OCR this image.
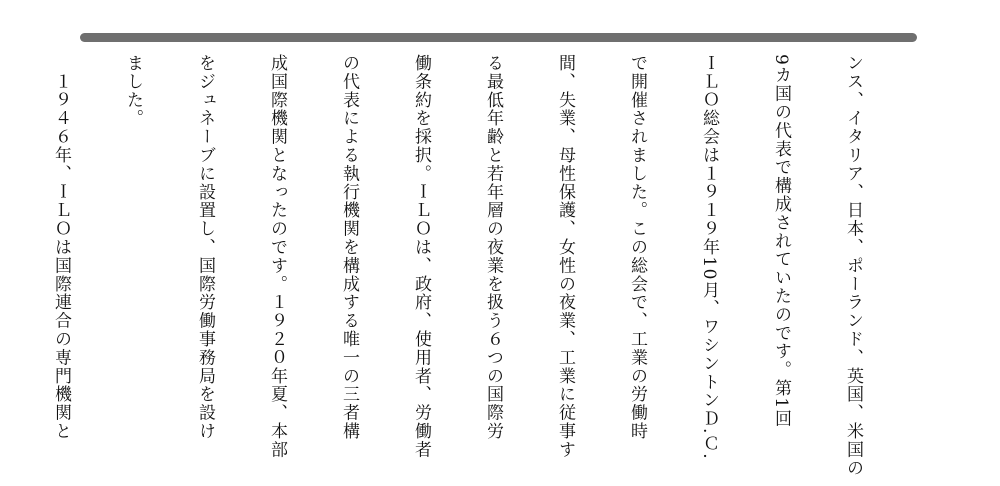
ンス、イタリア、日本、ポーランド、英国、米国の

9カ国の代表で構成されていたのです。第1回

ＩＬＯ総会は１９１９年10月、ワシントンＤ.Ｃ.

で開催されました。この総会で、工業の労働時

間、失業、母性保護、女性の夜業、工業に従事す

る最低年齢と若年層の夜業を扱う６つの国際労

働条約を採択。ＩＬＯは、政府、使用者、労働者

の代表による執行機関を構成する唯一の三者構

成国際機関となったのです。１９２０年夏、本部

をジュネーブに設置し、国際労働事務局を設け

ました。

　１９４６年、ＩＬＯは国際連合の専門機関と
